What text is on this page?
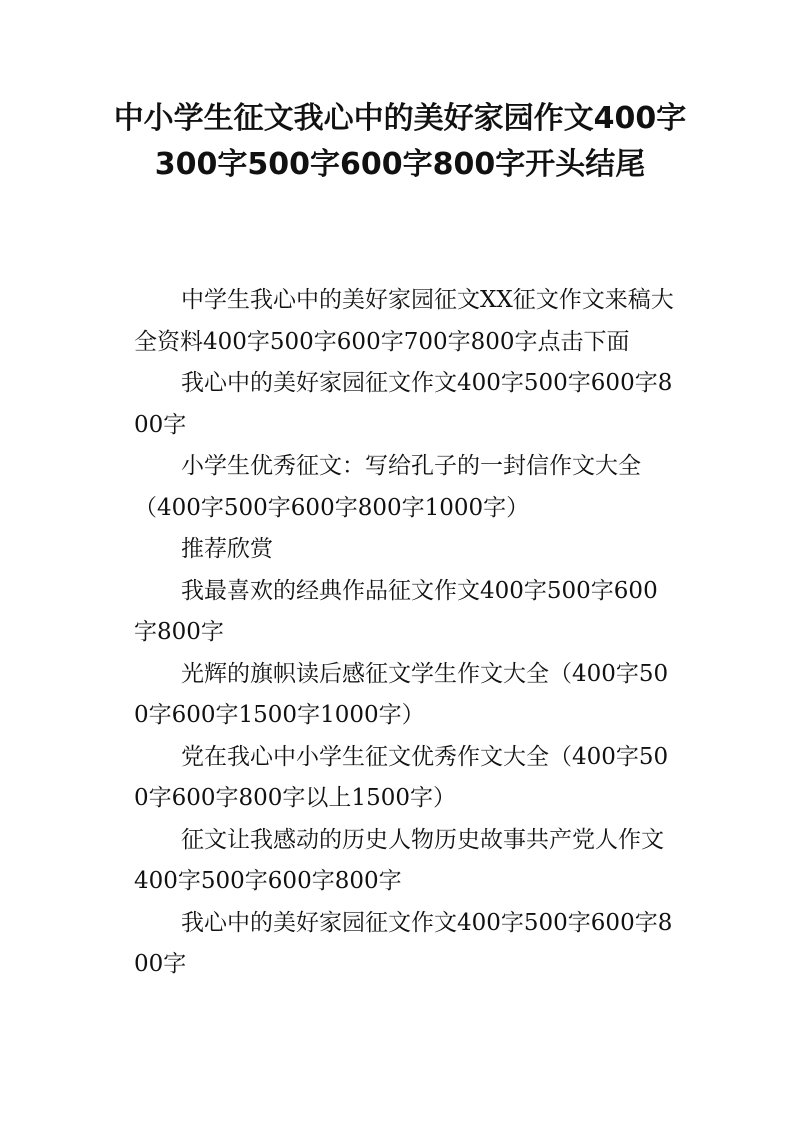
中小学生征文我心中的美好家园作文400字300字500字600字800字开头结尾

中学生我心中的美好家园征文XX征文作文来稿大全资料400字500字600字700字800字点击下面

我心中的美好家园征文作文400字500字600字800字

小学生优秀征文：写给孔子的一封信作文大全（400字500字600字800字1000字）

推荐欣赏

我最喜欢的经典作品征文作文400字500字600字800字

光辉的旗帜读后感征文学生作文大全（400字500字600字1500字1000字）

党在我心中小学生征文优秀作文大全（400字500字600字800字以上1500字）

征文让我感动的历史人物历史故事共产党人作文400字500字600字800字

我心中的美好家园征文作文400字500字600字800字
